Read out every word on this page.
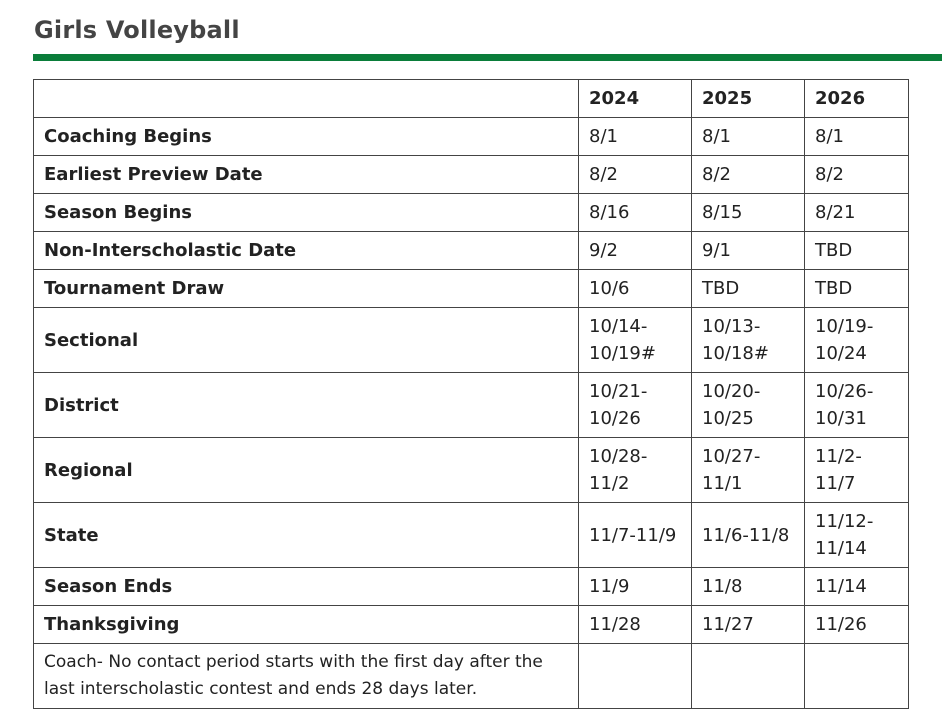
Girls Volleyball
	2024	2025	2026
Coaching Begins	8/1	8/1	8/1
Earliest Preview Date	8/2	8/2	8/2
Season Begins	8/16	8/15	8/21
Non-Interscholastic Date	9/2	9/1	TBD
Tournament Draw	10/6	TBD	TBD
Sectional	10/14-10/19#	10/13-10/18#	10/19-10/24
District	10/21-10/26	10/20-10/25	10/26-10/31
Regional	10/28-11/2	10/27-11/1	11/2-11/7
State	11/7-11/9	11/6-11/8	11/12-11/14
Season Ends	11/9	11/8	11/14
Thanksgiving	11/28	11/27	11/26
Coach- No contact period starts with the first day after the last interscholastic contest and ends 28 days later.			
